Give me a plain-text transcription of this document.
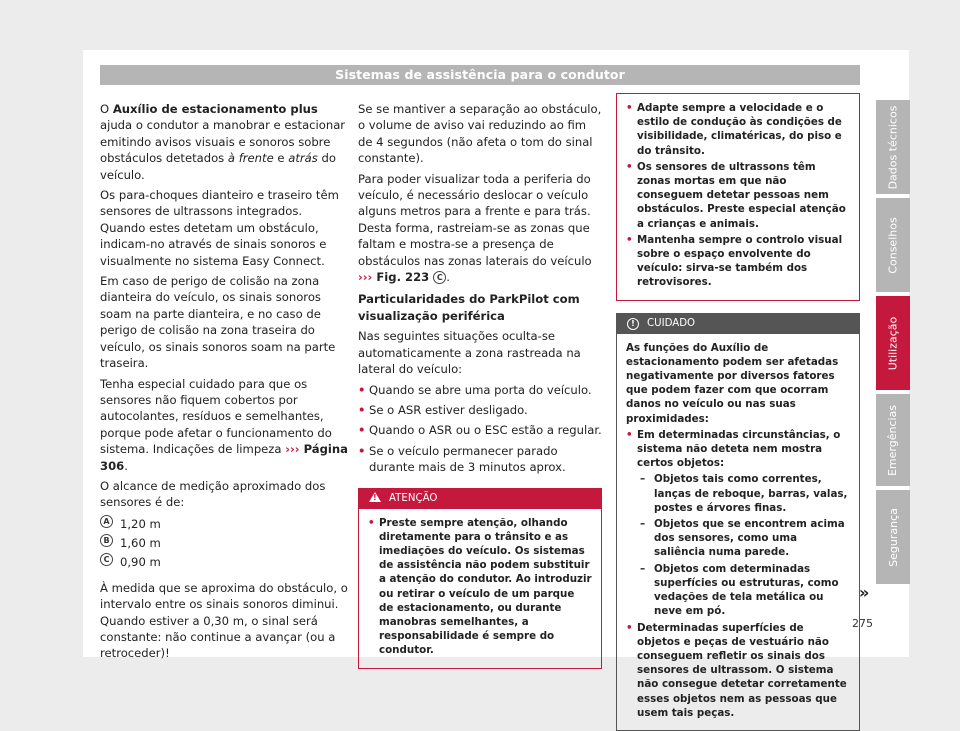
Sistemas de assistência para o condutor

O Auxílio de estacionamento plus ajuda o condutor a manobrar e estacionar emitindo avisos visuais e sonoros sobre obstáculos detetados à frente e atrás do veículo.

Os para-choques dianteiro e traseiro têm sensores de ultrassons integrados. Quando estes detetam um obstáculo, indicam-no através de sinais sonoros e visualmente no sistema Easy Connect.

Em caso de perigo de colisão na zona dianteira do veículo, os sinais sonoros soam na parte dianteira, e no caso de perigo de colisão na zona traseira do veículo, os sinais sonoros soam na parte traseira.

Tenha especial cuidado para que os sensores não fiquem cobertos por autocolantes, resíduos e semelhantes, porque pode afetar o funcionamento do sistema. Indicações de limpeza ››› Página 306.

O alcance de medição aproximado dos sensores é de:

A 1,20 m
B 1,60 m
C 0,90 m

À medida que se aproxima do obstáculo, o intervalo entre os sinais sonoros diminui. Quando estiver a 0,30 m, o sinal será constante: não continue a avançar (ou a retroceder)!

Se se mantiver a separação ao obstáculo, o volume de aviso vai reduzindo ao fim de 4 segundos (não afeta o tom do sinal constante).

Para poder visualizar toda a periferia do veículo, é necessário deslocar o veículo alguns metros para a frente e para trás. Desta forma, rastreiam-se as zonas que faltam e mostra-se a presença de obstáculos nas zonas laterais do veículo ››› Fig. 223 C .

Particularidades do ParkPilot com visualização periférica

Nas seguintes situações oculta-se automaticamente a zona rastreada na lateral do veículo:

• Quando se abre uma porta do veículo.
• Se o ASR estiver desligado.
• Quando o ASR ou o ESC estão a regular.
• Se o veículo permanecer parado durante mais de 3 minutos aprox.
!ATENÇÃO
• Preste sempre atenção, olhando diretamente para o trânsito e as imediações do veículo. Os sistemas de assistência não podem substituir a atenção do condutor. Ao introduzir ou retirar o veículo de um parque de estacionamento, ou durante manobras semelhantes, a responsabilidade é sempre do condutor.
• Adapte sempre a velocidade e o estilo de condução às condições de visibilidade, climatéricas, do piso e do trânsito.
• Os sensores de ultrassons têm zonas mortas em que não conseguem detetar pessoas nem obstáculos. Preste especial atenção a crianças e animais.
• Mantenha sempre o controlo visual sobre o espaço envolvente do veículo: sirva-se também dos retrovisores.
! CUIDADO

As funções do Auxílio de estacionamento podem ser afetadas negativamente por diversos fatores que podem fazer com que ocorram danos no veículo ou nas suas proximidades:

• Em determinadas circunstâncias, o sistema não deteta nem mostra certos objetos:
– Objetos tais como correntes, lanças de reboque, barras, valas, postes e árvores finas.
– Objetos que se encontrem acima dos sensores, como uma saliência numa parede.
– Objetos com determinadas superfícies ou estruturas, como vedações de tela metálica ou neve em pó.
• Determinadas superfícies de objetos e peças de vestuário não conseguem refletir os sinais dos sensores de ultrassom. O sistema não consegue detetar corretamente esses objetos nem as pessoas que usem tais peças.
»
Dados técnicos
Conselhos
Utilização
Emergências
Segurança
275
